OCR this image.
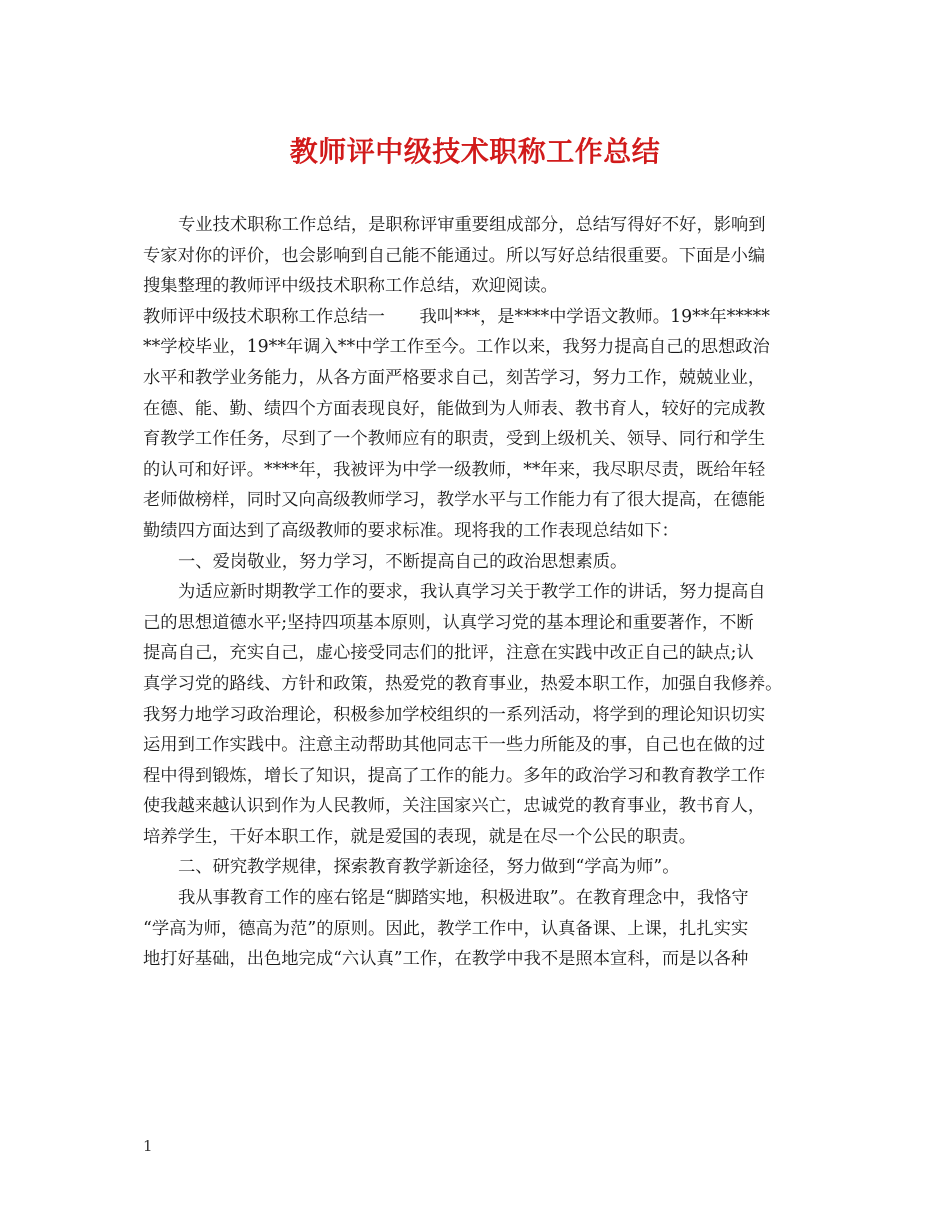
教师评中级技术职称工作总结
专业技术职称工作总结，是职称评审重要组成部分，总结写得好不好，影响到
专家对你的评价，也会影响到自己能不能通过。所以写好总结很重要。下面是小编
搜集整理的教师评中级技术职称工作总结，欢迎阅读。
教师评中级技术职称工作总结一　　我叫***，是****中学语文教师。19**年*****
**学校毕业，19**年调入**中学工作至今。工作以来，我努力提高自己的思想政治
水平和教学业务能力，从各方面严格要求自己，刻苦学习，努力工作，兢兢业业，
在德、能、勤、绩四个方面表现良好，能做到为人师表、教书育人，较好的完成教
育教学工作任务，尽到了一个教师应有的职责，受到上级机关、领导、同行和学生
的认可和好评。****年，我被评为中学一级教师，**年来，我尽职尽责，既给年轻
老师做榜样，同时又向高级教师学习，教学水平与工作能力有了很大提高，在德能
勤绩四方面达到了高级教师的要求标准。现将我的工作表现总结如下：
一、爱岗敬业，努力学习，不断提高自己的政治思想素质。
为适应新时期教学工作的要求，我认真学习关于教学工作的讲话，努力提高自
己的思想道德水平;坚持四项基本原则，认真学习党的基本理论和重要著作，不断
提高自己，充实自己，虚心接受同志们的批评，注意在实践中改正自己的缺点;认
真学习党的路线、方针和政策，热爱党的教育事业，热爱本职工作，加强自我修养。
我努力地学习政治理论，积极参加学校组织的一系列活动，将学到的理论知识切实
运用到工作实践中。注意主动帮助其他同志干一些力所能及的事，自己也在做的过
程中得到锻炼，增长了知识，提高了工作的能力。多年的政治学习和教育教学工作
使我越来越认识到作为人民教师，关注国家兴亡，忠诚党的教育事业，教书育人，
培养学生，干好本职工作，就是爱国的表现，就是在尽一个公民的职责。
二、研究教学规律，探索教育教学新途径，努力做到“学高为师”。
我从事教育工作的座右铭是“脚踏实地，积极进取”。在教育理念中，我恪守
“学高为师，德高为范”的原则。因此，教学工作中，认真备课、上课，扎扎实实
地打好基础，出色地完成“六认真”工作，在教学中我不是照本宣科，而是以各种
1
